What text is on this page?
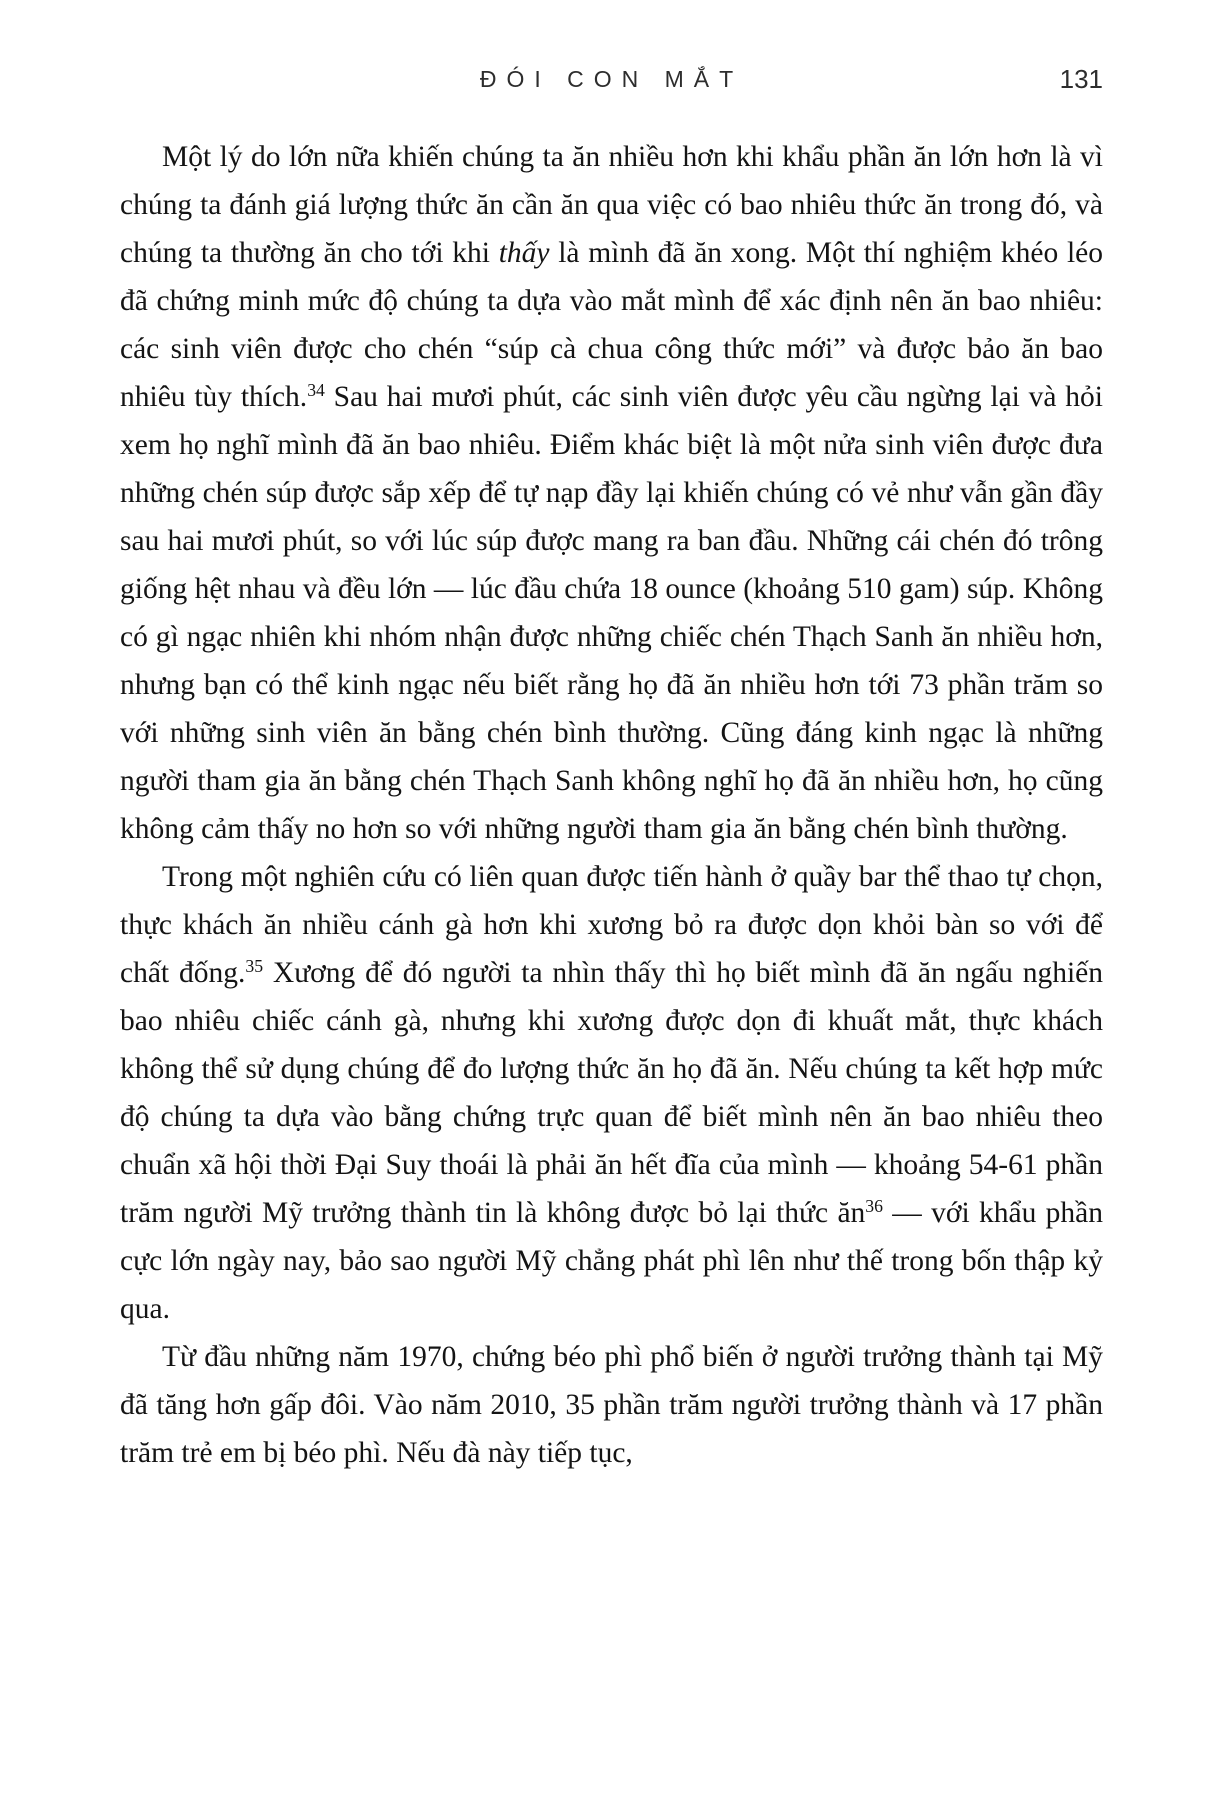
ĐÓI CON MẮT	131

Một lý do lớn nữa khiến chúng ta ăn nhiều hơn khi khẩu phần ăn lớn hơn là vì chúng ta đánh giá lượng thức ăn cần ăn qua việc có bao nhiêu thức ăn trong đó, và chúng ta thường ăn cho tới khi thấy là mình đã ăn xong. Một thí nghiệm khéo léo đã chứng minh mức độ chúng ta dựa vào mắt mình để xác định nên ăn bao nhiêu: các sinh viên được cho chén “súp cà chua công thức mới” và được bảo ăn bao nhiêu tùy thích.$^{34}$ Sau hai mươi phút, các sinh viên được yêu cầu ngừng lại và hỏi xem họ nghĩ mình đã ăn bao nhiêu. Điểm khác biệt là một nửa sinh viên được đưa những chén súp được sắp xếp để tự nạp đầy lại khiến chúng có vẻ như vẫn gần đầy sau hai mươi phút, so với lúc súp được mang ra ban đầu. Những cái chén đó trông giống hệt nhau và đều lớn — lúc đầu chứa 18 ounce (khoảng 510 gam) súp. Không có gì ngạc nhiên khi nhóm nhận được những chiếc chén Thạch Sanh ăn nhiều hơn, nhưng bạn có thể kinh ngạc nếu biết rằng họ đã ăn nhiều hơn tới 73 phần trăm so với những sinh viên ăn bằng chén bình thường. Cũng đáng kinh ngạc là những người tham gia ăn bằng chén Thạch Sanh không nghĩ họ đã ăn nhiều hơn, họ cũng không cảm thấy no hơn so với những người tham gia ăn bằng chén bình thường.

Trong một nghiên cứu có liên quan được tiến hành ở quầy bar thể thao tự chọn, thực khách ăn nhiều cánh gà hơn khi xương bỏ ra được dọn khỏi bàn so với để chất đống.$^{35}$ Xương để đó người ta nhìn thấy thì họ biết mình đã ăn ngấu nghiến bao nhiêu chiếc cánh gà, nhưng khi xương được dọn đi khuất mắt, thực khách không thể sử dụng chúng để đo lượng thức ăn họ đã ăn. Nếu chúng ta kết hợp mức độ chúng ta dựa vào bằng chứng trực quan để biết mình nên ăn bao nhiêu theo chuẩn xã hội thời Đại Suy thoái là phải ăn hết đĩa của mình — khoảng 54-61 phần trăm người Mỹ trưởng thành tin là không được bỏ lại thức $ăn^{36}$ — với khẩu phần cực lớn ngày nay, bảo sao người Mỹ chẳng phát phì lên như thế trong bốn thập kỷ qua.

Từ đầu những năm 1970, chứng béo phì phổ biến ở người trưởng thành tại Mỹ đã tăng hơn gấp đôi. Vào năm 2010, 35 phần trăm người trưởng thành và 17 phần trăm trẻ em bị béo phì. Nếu đà này tiếp tục,
